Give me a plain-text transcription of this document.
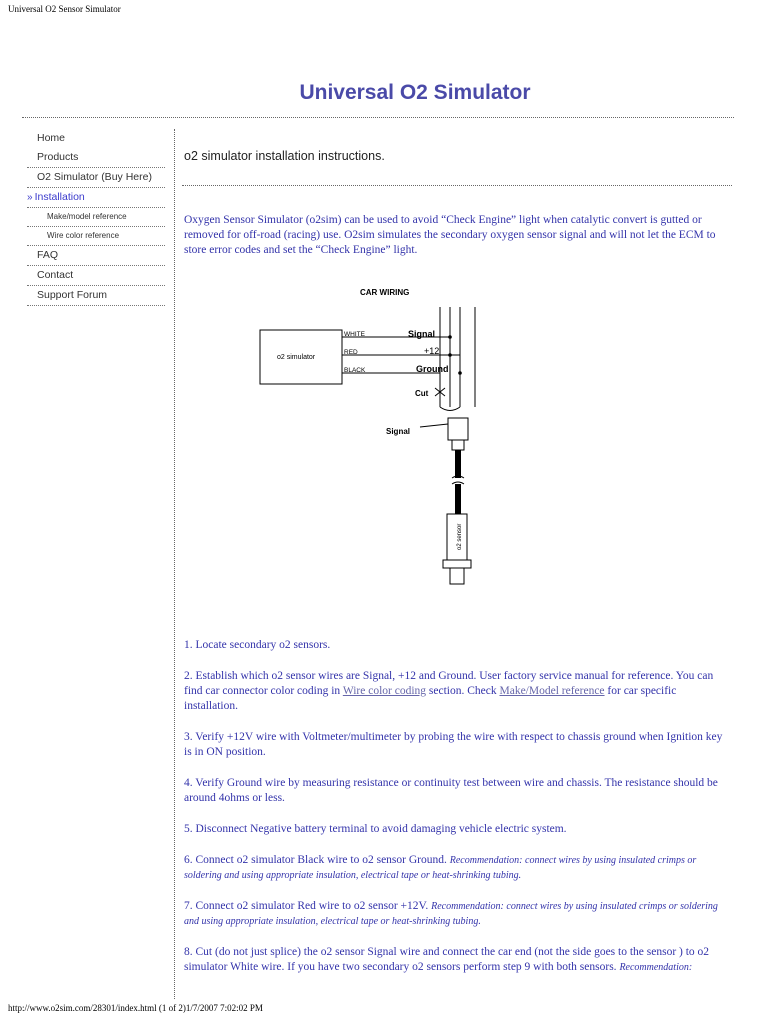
Universal O2 Sensor Simulator
Universal O2 Simulator
Home
Products
O2 Simulator (Buy Here)
» Installation
Make/model reference
Wire color reference
FAQ
Contact
Support Forum
o2 simulator installation instructions.
Oxygen Sensor Simulator (o2sim) can be used to avoid “Check Engine” light when catalytic convert is gutted or removed for off-road (racing) use. O2sim simulates the secondary oxygen sensor signal and will not let the ECM to store error codes and set the “Check Engine” light.
CAR WIRING
o2 simulator
WHITE
RED
BLACK
Signal
+12
Ground
Cut
Signal
o2 sensor

1. Locate secondary o2 sensors.

2. Establish which o2 sensor wires are Signal, +12 and Ground. User factory service manual for reference. You can find car connector color coding in Wire color coding section. Check Make/Model reference for car specific installation.

3. Verify +12V wire with Voltmeter/multimeter by probing the wire with respect to chassis ground when Ignition key is in ON position.

4. Verify Ground wire by measuring resistance or continuity test between wire and chassis. The resistance should be around 4ohms or less.

5. Disconnect Negative battery terminal to avoid damaging vehicle electric system.

6. Connect o2 simulator Black wire to o2 sensor Ground. Recommendation: connect wires by using insulated crimps or soldering and using appropriate insulation, electrical tape or heat-shrinking tubing.

7. Connect o2 simulator Red wire to o2 sensor +12V. Recommendation: connect wires by using insulated crimps or soldering and using appropriate insulation, electrical tape or heat-shrinking tubing.

8. Cut (do not just splice) the o2 sensor Signal wire and connect the car end (not the side goes to the sensor ) to o2 simulator White wire. If you have two secondary o2 sensors perform step 9 with both sensors. Recommendation:

http://www.o2sim.com/28301/index.html (1 of 2)1/7/2007 7:02:02 PM
